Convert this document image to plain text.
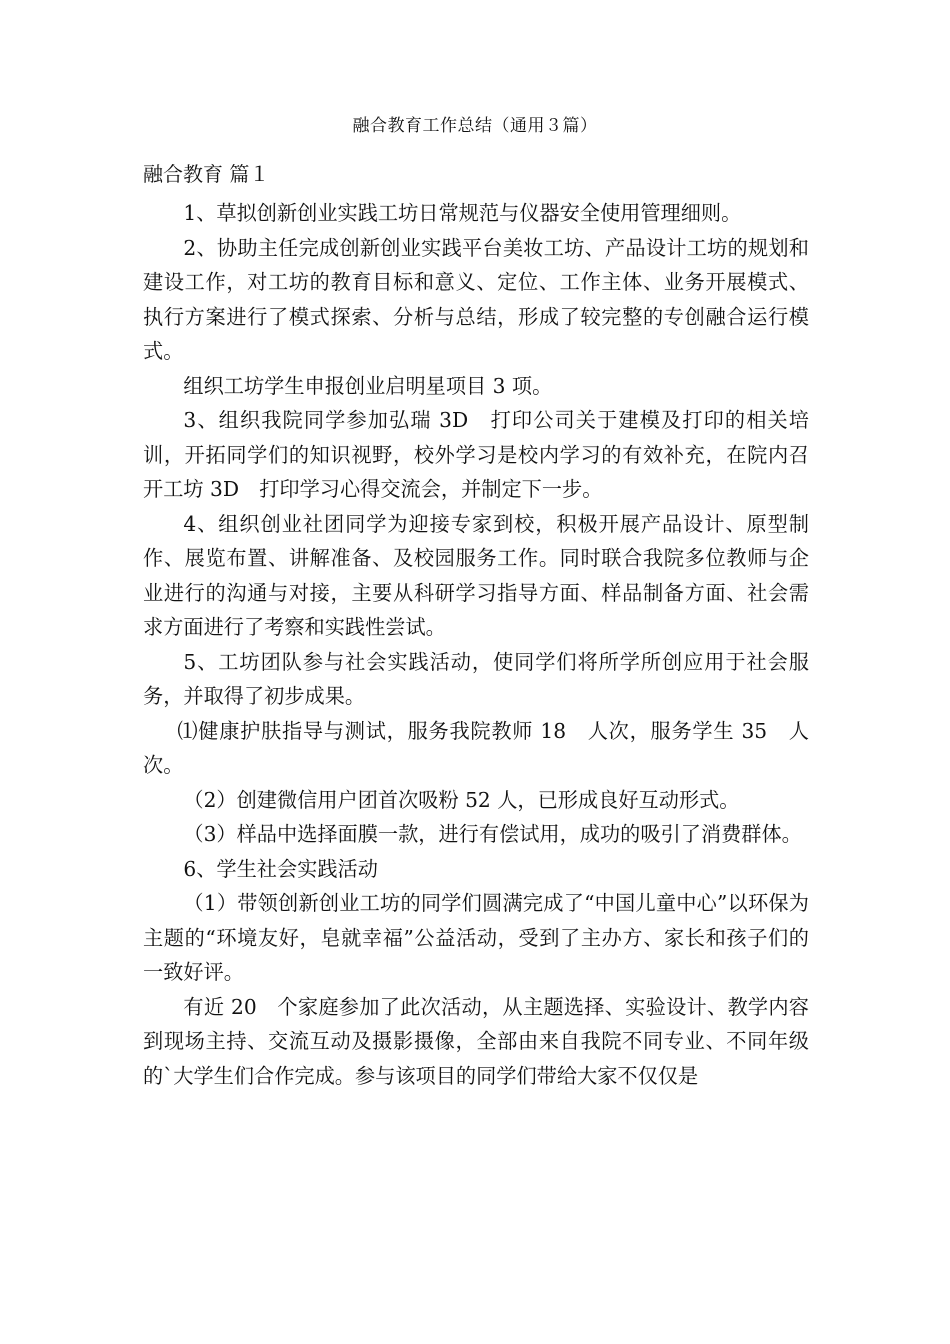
融合教育工作总结（通用３篇）
融合教育 篇１

1、草拟创新创业实践工坊日常规范与仪器安全使用管理细则。

2、协助主任完成创新创业实践平台美妆工坊、产品设计工坊的规划和建设工作，对工坊的教育目标和意义、定位、工作主体、业务开展模式、执行方案进行了模式探索、分析与总结，形成了较完整的专创融合运行模式。

组织工坊学生申报创业启明星项目 3 项。

3、组织我院同学参加弘瑞 3D　打印公司关于建模及打印的相关培训，开拓同学们的知识视野，校外学习是校内学习的有效补充，在院内召开工坊 3D　打印学习心得交流会，并制定下一步。

4、组织创业社团同学为迎接专家到校，积极开展产品设计、原型制作、展览布置、讲解准备、及校园服务工作。同时联合我院多位教师与企业进行的沟通与对接，主要从科研学习指导方面、样品制备方面、社会需求方面进行了考察和实践性尝试。

5、工坊团队参与社会实践活动，使同学们将所学所创应用于社会服务，并取得了初步成果。

⑴健康护肤指导与测试，服务我院教师 18　人次，服务学生 35　人次。

（2）创建微信用户团首次吸粉 52 人，已形成良好互动形式。

（3）样品中选择面膜一款，进行有偿试用，成功的吸引了消费群体。

6、学生社会实践活动

（1）带领创新创业工坊的同学们圆满完成了“中国儿童中心”以环保为主题的“环境友好，皂就幸福”公益活动，受到了主办方、家长和孩子们的一致好评。

有近 20　个家庭参加了此次活动，从主题选择、实验设计、教学内容到现场主持、交流互动及摄影摄像，全部由来自我院不同专业、不同年级的`大学生们合作完成。参与该项目的同学们带给大家不仅仅是
